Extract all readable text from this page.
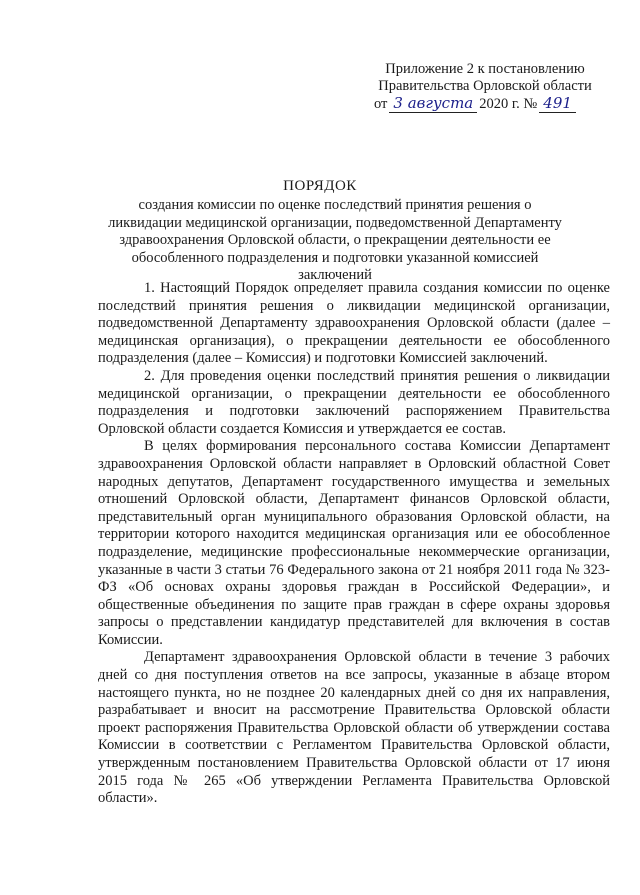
Приложение 2 к постановлению
Правительства Орловской области
от 3 августа 2020 г. № 491
ПОРЯДОК
создания комиссии по оценке последствий принятия решения о ликвидации медицинской организации, подведомственной Департаменту здравоохранения Орловской области, о прекращении деятельности ее обособленного подразделения и подготовки указанной комиссией заключений

1. Настоящий Порядок определяет правила создания комиссии по оценке последствий принятия решения о ликвидации медицинской организации, подведомственной Департаменту здравоохранения Орловской области (далее – медицинская организация), о прекращении деятельности ее обособленного подразделения (далее – Комиссия) и подготовки Комиссией заключений.

2. Для проведения оценки последствий принятия решения о ликвидации медицинской организации, о прекращении деятельности ее обособленного подразделения и подготовки заключений распоряжением Правительства Орловской области создается Комиссия и утверждается ее состав.

В целях формирования персонального состава Комиссии Департамент здравоохранения Орловской области направляет в Орловский областной Совет народных депутатов, Департамент государственного имущества и земельных отношений Орловской области, Департамент финансов Орловской области, представительный орган муниципального образования Орловской области, на территории которого находится медицинская организация или ее обособленное подразделение, медицинские профессиональные некоммерческие организации, указанные в части 3 статьи 76 Федерального закона от 21 ноября 2011 года № 323-ФЗ «Об основах охраны здоровья граждан в Российской Федерации», и общественные объединения по защите прав граждан в сфере охраны здоровья запросы о представлении кандидатур представителей для включения в состав Комиссии.

Департамент здравоохранения Орловской области в течение 3 рабочих дней со дня поступления ответов на все запросы, указанные в абзаце втором настоящего пункта, но не позднее 20 календарных дней со дня их направления, разрабатывает и вносит на рассмотрение Правительства Орловской области проект распоряжения Правительства Орловской области об утверждении состава Комиссии в соответствии с Регламентом Правительства Орловской области, утвержденным постановлением Правительства Орловской области от 17 июня 2015 года № 265 «Об утверждении Регламента Правительства Орловской области».
